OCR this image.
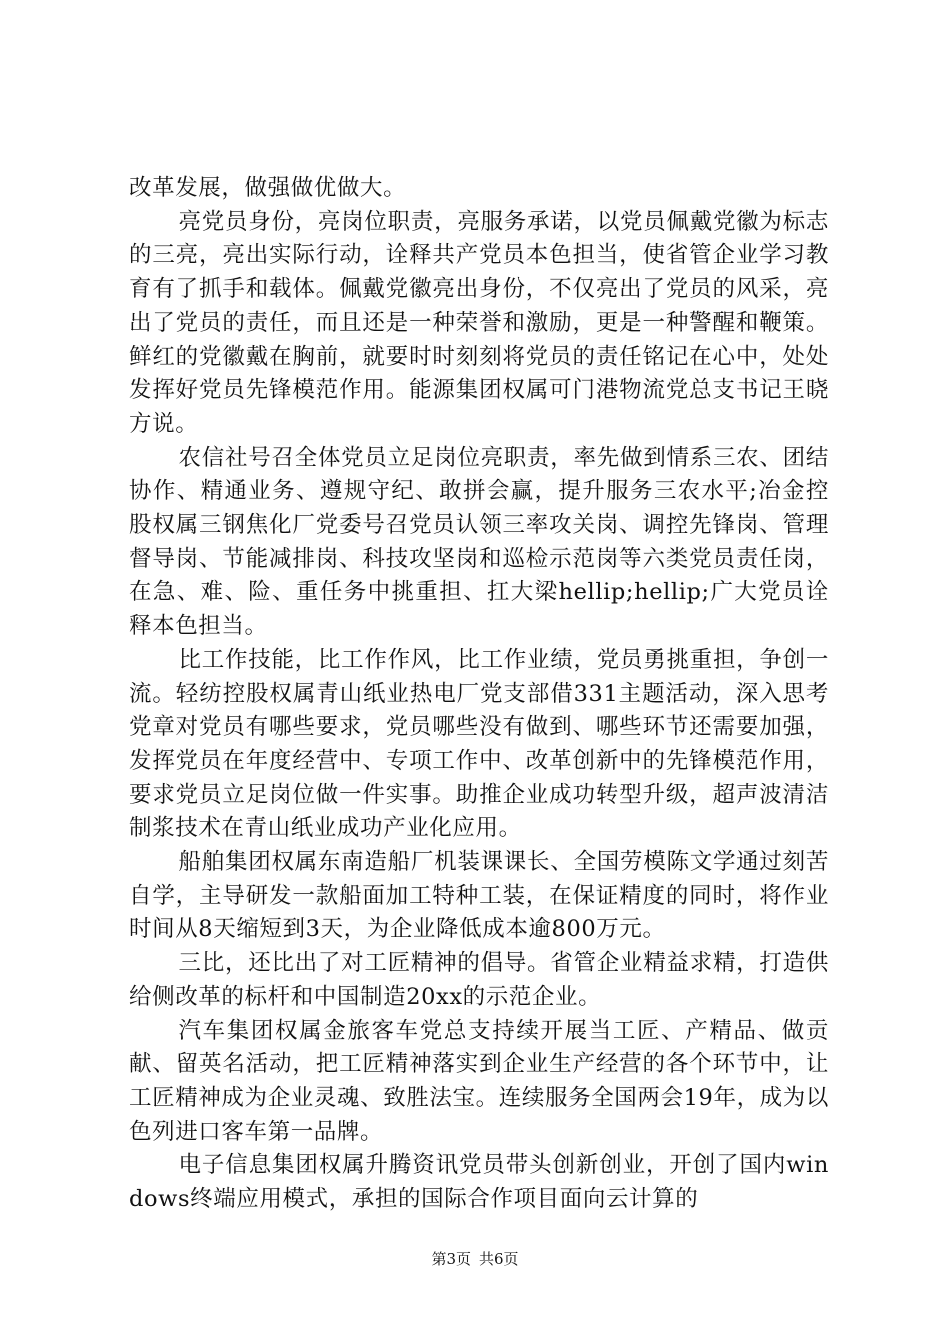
改革发展，做强做优做大。

亮党员身份，亮岗位职责，亮服务承诺，以党员佩戴党徽为标志的三亮，亮出实际行动，诠释共产党员本色担当，使省管企业学习教育有了抓手和载体。佩戴党徽亮出身份，不仅亮出了党员的风采，亮出了党员的责任，而且还是一种荣誉和激励，更是一种警醒和鞭策。鲜红的党徽戴在胸前，就要时时刻刻将党员的责任铭记在心中，处处发挥好党员先锋模范作用。能源集团权属可门港物流党总支书记王晓方说。

农信社号召全体党员立足岗位亮职责，率先做到情系三农、团结协作、精通业务、遵规守纪、敢拼会赢，提升服务三农水平;冶金控股权属三钢焦化厂党委号召党员认领三率攻关岗、调控先锋岗、管理督导岗、节能减排岗、科技攻坚岗和巡检示范岗等六类党员责任岗，在急、难、险、重任务中挑重担、扛大梁hellip;hellip;广大党员诠释本色担当。

比工作技能，比工作作风，比工作业绩，党员勇挑重担，争创一流。轻纺控股权属青山纸业热电厂党支部借331主题活动，深入思考党章对党员有哪些要求，党员哪些没有做到、哪些环节还需要加强，发挥党员在年度经营中、专项工作中、改革创新中的先锋模范作用，要求党员立足岗位做一件实事。助推企业成功转型升级，超声波清洁制浆技术在青山纸业成功产业化应用。

船舶集团权属东南造船厂机装课课长、全国劳模陈文学通过刻苦自学，主导研发一款船面加工特种工装，在保证精度的同时，将作业时间从8天缩短到3天，为企业降低成本逾800万元。

三比，还比出了对工匠精神的倡导。省管企业精益求精，打造供给侧改革的标杆和中国制造20xx的示范企业。

汽车集团权属金旅客车党总支持续开展当工匠、产精品、做贡献、留英名活动，把工匠精神落实到企业生产经营的各个环节中，让工匠精神成为企业灵魂、致胜法宝。连续服务全国两会19年，成为以色列进口客车第一品牌。

电子信息集团权属升腾资讯党员带头创新创业，开创了国内windows终端应用模式，承担的国际合作项目面向云计算的

第3页 共6页
